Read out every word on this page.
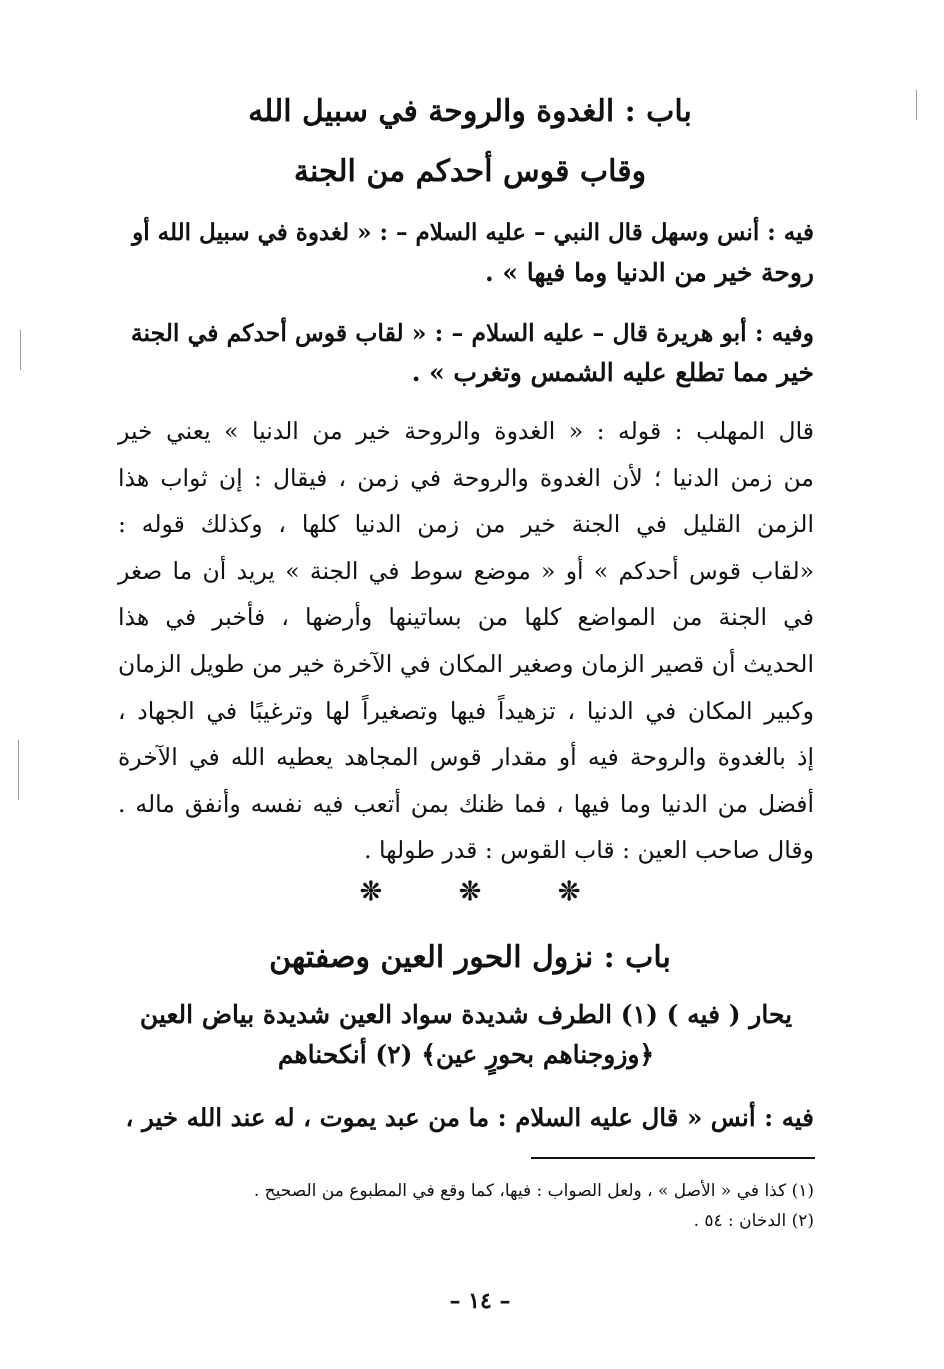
باب : الغدوة والروحة في سبيل الله
وقاب قوس أحدكم من الجنة
فيه : أنس وسهل قال النبي – عليه السلام – : « لغدوة في سبيل الله أو
روحة خير من الدنيا وما فيها » .
وفيه : أبو هريرة قال – عليه السلام – : « لقاب قوس أحدكم في الجنة
خير مما تطلع عليه الشمس وتغرب » .
قال المهلب : قوله : « الغدوة والروحة خير من الدنيا » يعني خير
من زمن الدنيا ؛ لأن الغدوة والروحة في زمن ، فيقال : إن ثواب هذا
الزمن القليل في الجنة خير من زمن الدنيا كلها ، وكذلك قوله :
«لقاب قوس أحدكم » أو « موضع سوط في الجنة » يريد أن ما صغر
في الجنة من المواضع كلها من بساتينها وأرضها ، فأخبر في هذا
الحديث أن قصير الزمان وصغير المكان في الآخرة خير من طويل الزمان
وكبير المكان في الدنيا ، تزهيداً فيها وتصغيراً لها وترغيبًا في الجهاد ،
إذ بالغدوة والروحة فيه أو مقدار قوس المجاهد يعطيه الله في الآخرة
أفضل من الدنيا وما فيها ، فما ظنك بمن أتعب فيه نفسه وأنفق ماله .
وقال صاحب العين : قاب القوس : قدر طولها .
❊	❊	❊
باب : نزول الحور العين وصفتهن
يحار ( فيه ) (١) الطرف شديدة سواد العين شديدة بياض العين
﴿وزوجناهم بحورٍ عين﴾ (٢) أنكحناهم
فيه : أنس « قال عليه السلام : ما من عبد يموت ، له عند الله خير ،
(١) كذا في « الأصل » ، ولعل الصواب : فيها، كما وقع في المطبوع من الصحيح .
(٢) الدخان : ٥٤ .
– ١٤ –
